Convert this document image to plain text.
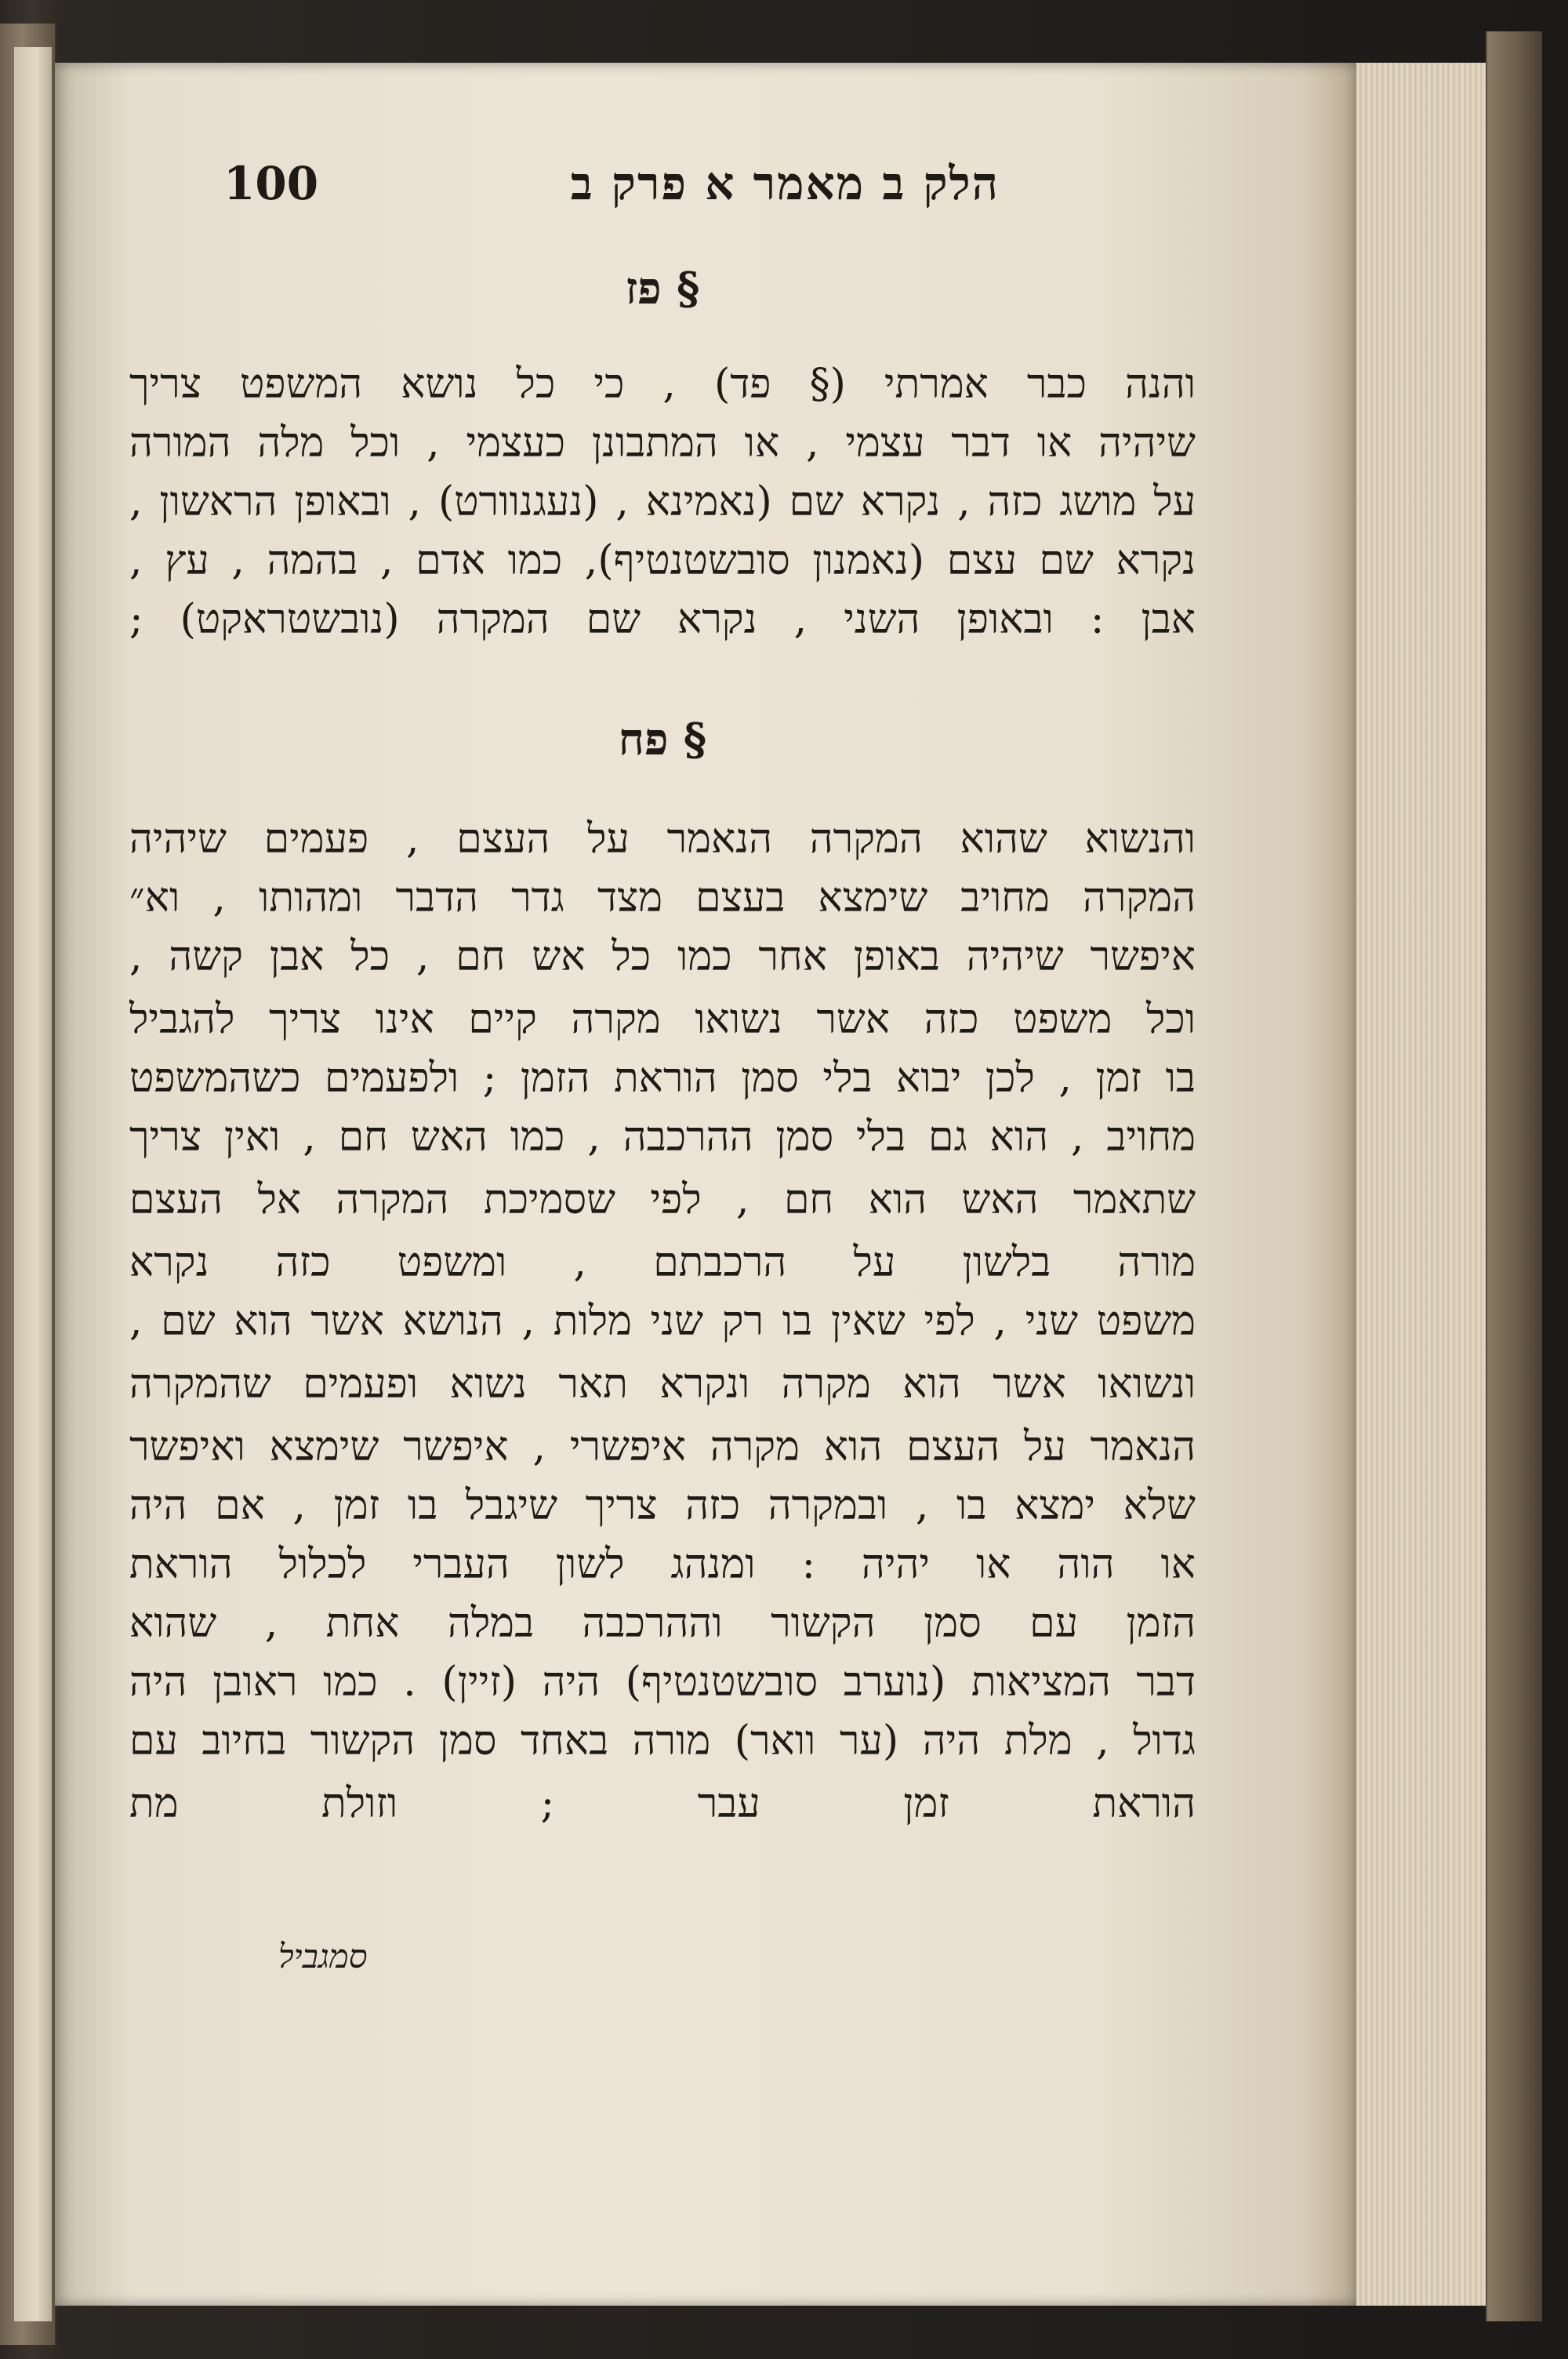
הלק ב מאמר א פרק ב
100
§ פז
והנה כבר אמרתי (§ פד) , כי כל נושא המשפט צריך
שיהיה או דבר עצמי , או המתבונן כעצמי , וכל מלה המורה
על מושג כזה , נקרא שם (נאמינא , (נעגנוורט) , ובאופן הראשון ,
נקרא שם עצם (נאמנון סובשטנטיף), כמו אדם , בהמה , עץ ,
אבן : ובאופן השני , נקרא שם המקרה (נובשטראקט) ;
§ פח
והנשוא שהוא המקרה הנאמר על העצם , פעמים שיהיה
המקרה מחויב שימצא בעצם מצד גדר הדבר ומהותו , וא״
איפשר שיהיה באופן אחר כמו כל אש חם , כל אבן קשה ,
וכל משפט כזה אשר נשואו מקרה קיים אינו צריך להגביל
בו זמן , לכן יבוא בלי סמן הוראת הזמן ; ולפעמים כשהמשפט
מחויב , הוא גם בלי סמן ההרכבה , כמו האש חם , ואין צריך
שתאמר האש הוא חם , לפי שסמיכת המקרה אל העצם
מורה בלשון על הרכבתם , ומשפט כזה נקרא
משפט שני , לפי שאין בו רק שני מלות , הנושא אשר הוא שם ,
ונשואו אשר הוא מקרה ונקרא תאר נשוא ופעמים שהמקרה
הנאמר על העצם הוא מקרה איפשרי , איפשר שימצא ואיפשר
שלא ימצא בו , ובמקרה כזה צריך שיגבל בו זמן , אם היה
או הוה או יהיה : ומנהג לשון העברי לכלול הוראת
הזמן עם סמן הקשור וההרכבה במלה אחת , שהוא
דבר המציאות (נוערב סובשטנטיף) היה (זיין) . כמו ראובן היה
גדול , מלת היה (ער וואר) מורה באחד סמן הקשור בחיוב עם
הוראת זמן עבר ; וזולת מת
סמגביל
